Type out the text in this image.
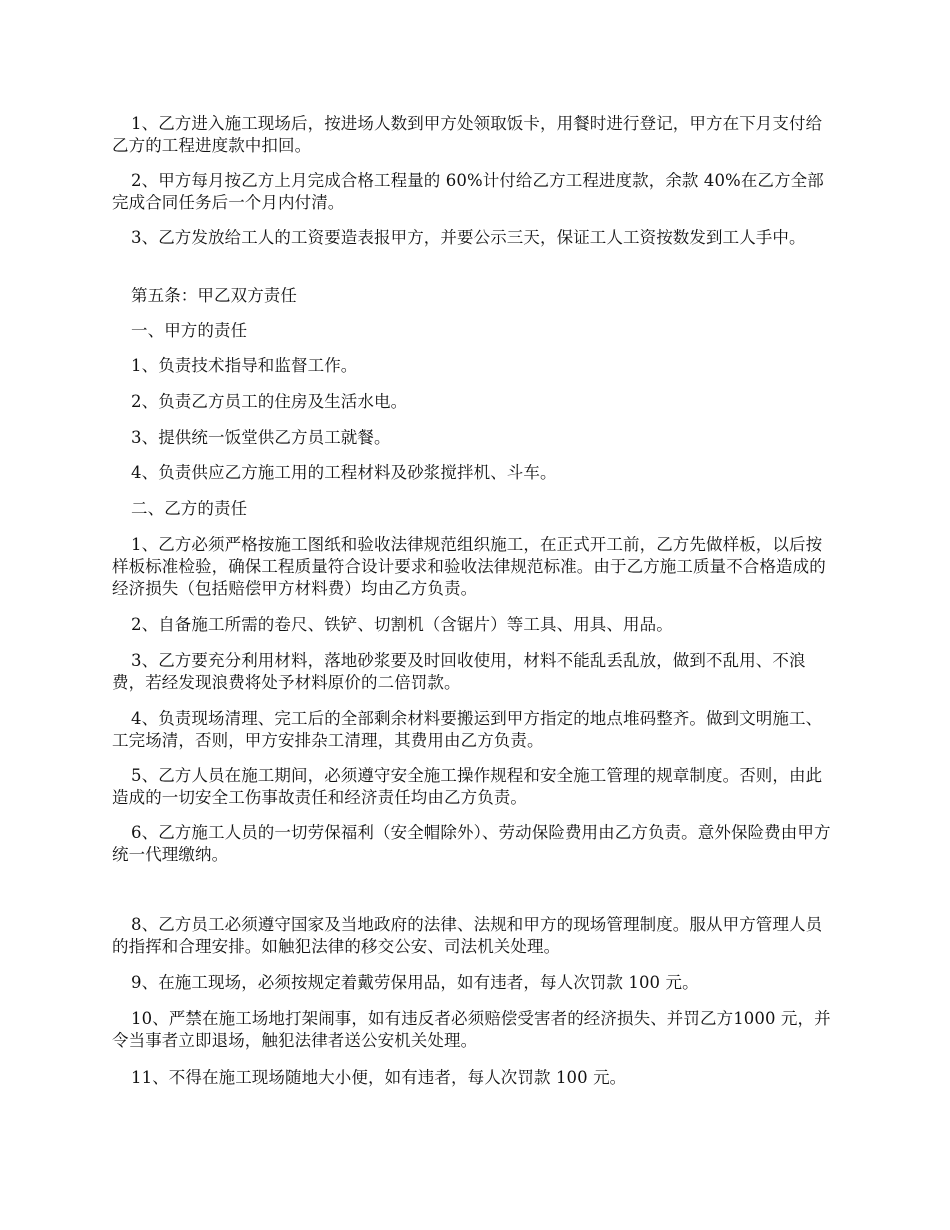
1、乙方进入施工现场后，按进场人数到甲方处领取饭卡，用餐时进行登记，甲方在下月支付给乙方的工程进度款中扣回。

2、甲方每月按乙方上月完成合格工程量的 60%计付给乙方工程进度款，余款 40%在乙方全部完成合同任务后一个月内付清。

3、乙方发放给工人的工资要造表报甲方，并要公示三天，保证工人工资按数发到工人手中。

第五条：甲乙双方责任

一、甲方的责任

1、负责技术指导和监督工作。

2、负责乙方员工的住房及生活水电。

3、提供统一饭堂供乙方员工就餐。

4、负责供应乙方施工用的工程材料及砂浆搅拌机、斗车。

二、乙方的责任

1、乙方必须严格按施工图纸和验收法律规范组织施工，在正式开工前，乙方先做样板，以后按样板标准检验，确保工程质量符合设计要求和验收法律规范标准。由于乙方施工质量不合格造成的经济损失（包括赔偿甲方材料费）均由乙方负责。

2、自备施工所需的卷尺、铁铲、切割机（含锯片）等工具、用具、用品。

3、乙方要充分利用材料，落地砂浆要及时回收使用，材料不能乱丢乱放，做到不乱用、不浪费，若经发现浪费将处予材料原价的二倍罚款。

4、负责现场清理、完工后的全部剩余材料要搬运到甲方指定的地点堆码整齐。做到文明施工、工完场清，否则，甲方安排杂工清理，其费用由乙方负责。

5、乙方人员在施工期间，必须遵守安全施工操作规程和安全施工管理的规章制度。否则，由此造成的一切安全工伤事故责任和经济责任均由乙方负责。

6、乙方施工人员的一切劳保福利（安全帽除外）、劳动保险费用由乙方负责。意外保险费由甲方统一代理缴纳。

8、乙方员工必须遵守国家及当地政府的法律、法规和甲方的现场管理制度。服从甲方管理人员的指挥和合理安排。如触犯法律的移交公安、司法机关处理。

9、在施工现场，必须按规定着戴劳保用品，如有违者，每人次罚款 100 元。

10、严禁在施工场地打架闹事，如有违反者必须赔偿受害者的经济损失、并罚乙方1000 元，并令当事者立即退场，触犯法律者送公安机关处理。

11、不得在施工现场随地大小便，如有违者，每人次罚款 100 元。
